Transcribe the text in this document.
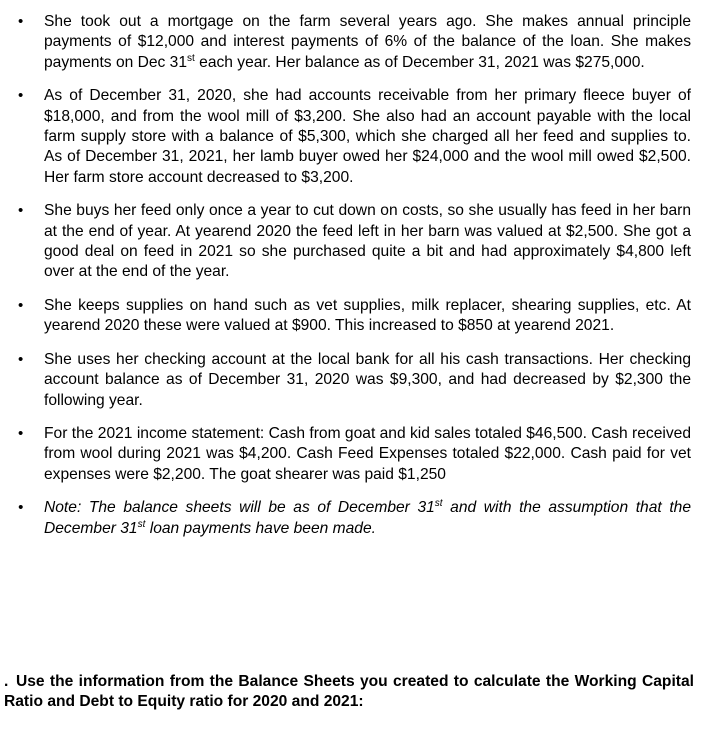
• She took out a mortgage on the farm several years ago. She makes annual principle payments of $12,000 and interest payments of 6% of the balance of the loan. She makes payments on Dec 31st each year. Her balance as of December 31, 2021 was $275,000.
• As of December 31, 2020, she had accounts receivable from her primary fleece buyer of $18,000, and from the wool mill of $3,200. She also had an account payable with the local farm supply store with a balance of $5,300, which she charged all her feed and supplies to. As of December 31, 2021, her lamb buyer owed her $24,000 and the wool mill owed $2,500. Her farm store account decreased to $3,200.
• She buys her feed only once a year to cut down on costs, so she usually has feed in her barn at the end of year. At yearend 2020 the feed left in her barn was valued at $2,500. She got a good deal on feed in 2021 so she purchased quite a bit and had approximately $4,800 left over at the end of the year.
• She keeps supplies on hand such as vet supplies, milk replacer, shearing supplies, etc. At yearend 2020 these were valued at $900. This increased to $850 at yearend 2021.
• She uses her checking account at the local bank for all his cash transactions. Her checking account balance as of December 31, 2020 was $9,300, and had decreased by $2,300 the following year.
• For the 2021 income statement: Cash from goat and kid sales totaled $46,500. Cash received from wool during 2021 was $4,200. Cash Feed Expenses totaled $22,000. Cash paid for vet expenses were $2,200. The goat shearer was paid $1,250
• Note: The balance sheets will be as of December 31st and with the assumption that the December 31st loan payments have been made.
. Use the information from the Balance Sheets you created to calculate the Working Capital Ratio and Debt to Equity ratio for 2020 and 2021:
